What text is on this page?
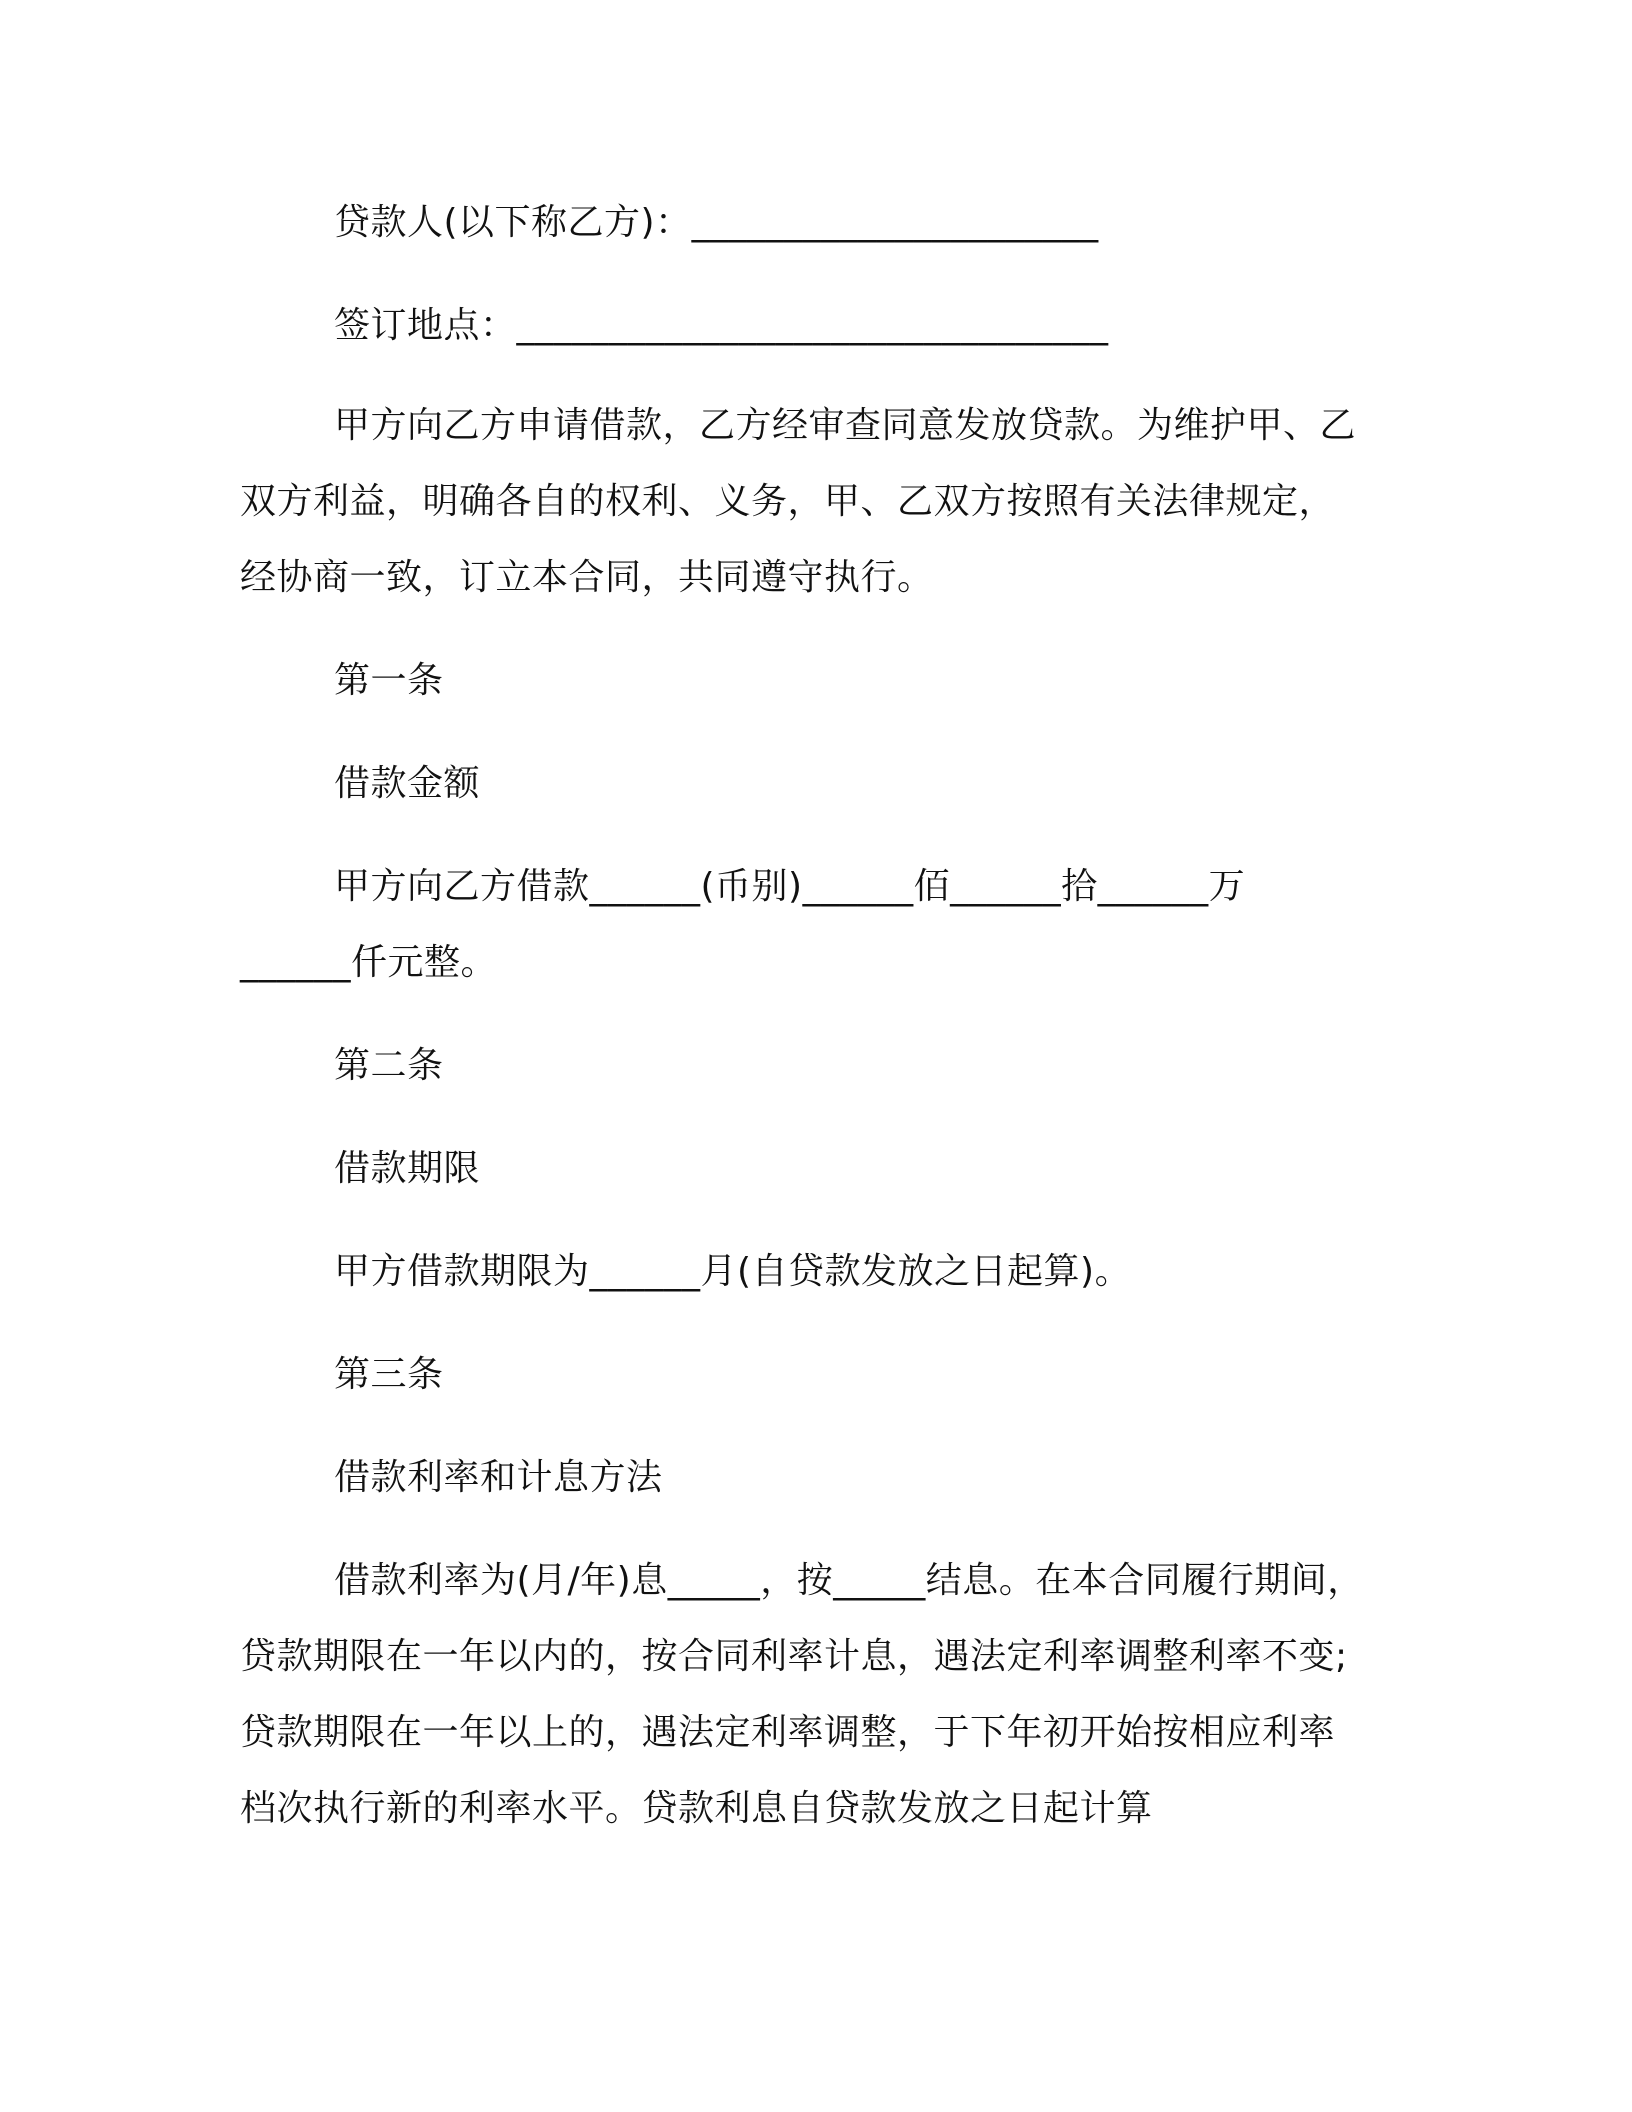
贷款人(以下称乙方)：______________________
签订地点：________________________________
甲方向乙方申请借款，乙方经审查同意发放贷款。为维护甲、乙
双方利益，明确各自的权利、义务，甲、乙双方按照有关法律规定，
经协商一致，订立本合同，共同遵守执行。
第一条
借款金额
甲方向乙方借款______(币别)______佰______拾______万
______仟元整。
第二条
借款期限
甲方借款期限为______月(自贷款发放之日起算)。
第三条
借款利率和计息方法
借款利率为(月/年)息_____，按_____结息。在本合同履行期间，
贷款期限在一年以内的，按合同利率计息，遇法定利率调整利率不变;
贷款期限在一年以上的，遇法定利率调整，于下年初开始按相应利率
档次执行新的利率水平。贷款利息自贷款发放之日起计算
